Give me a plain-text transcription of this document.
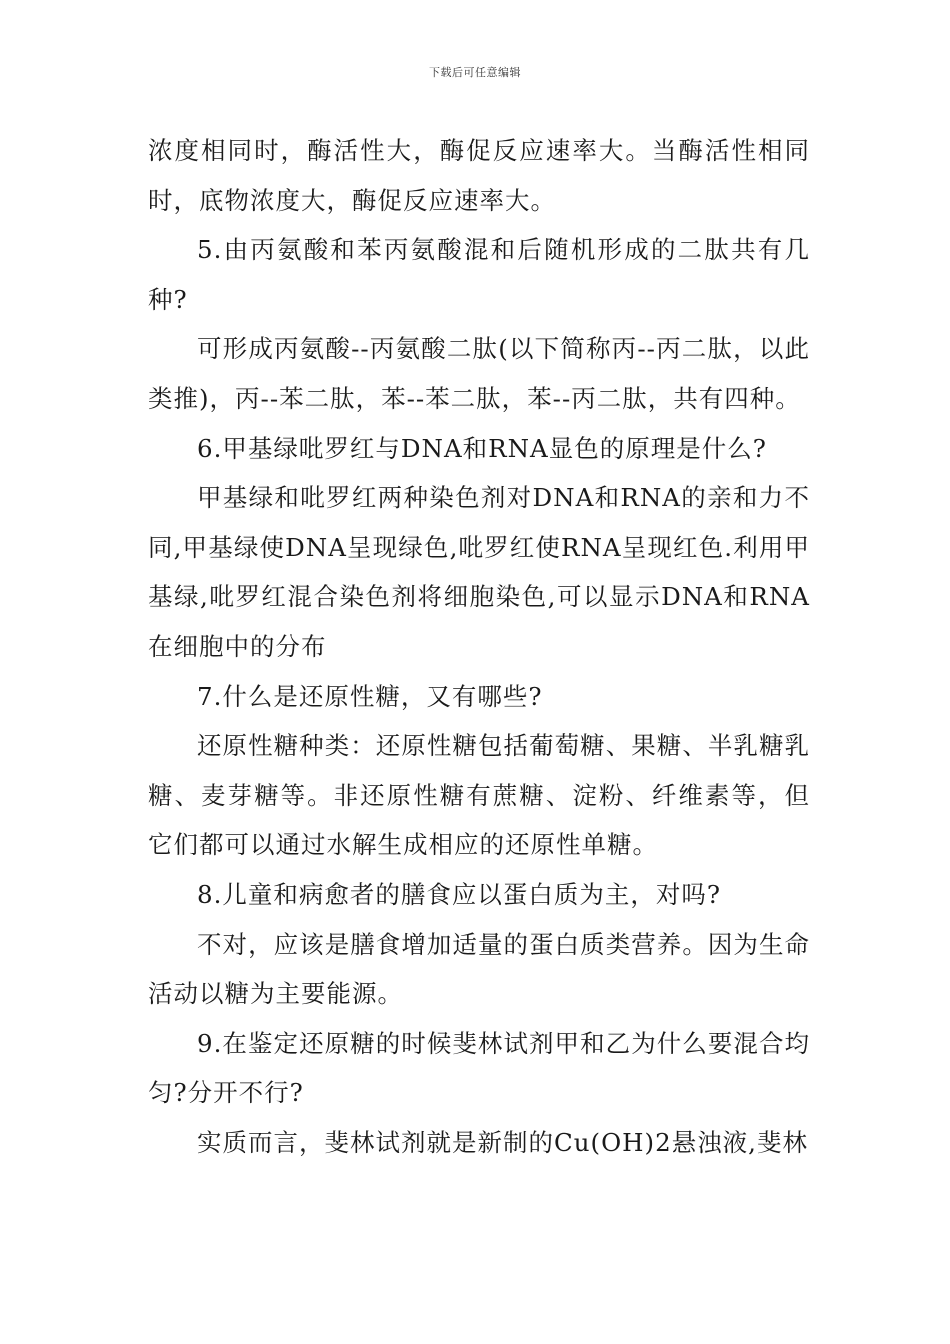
下载后可任意编辑

浓度相同时，酶活性大，酶促反应速率大。当酶活性相同时，底物浓度大，酶促反应速率大。

5.由丙氨酸和苯丙氨酸混和后随机形成的二肽共有几种?

可形成丙氨酸--丙氨酸二肽(以下简称丙--丙二肽，以此类推)，丙--苯二肽，苯--苯二肽，苯--丙二肽，共有四种。

6.甲基绿吡罗红与DNA和RNA显色的原理是什么?

甲基绿和吡罗红两种染色剂对DNA和RNA的亲和力不同,甲基绿使DNA呈现绿色,吡罗红使RNA呈现红色.利用甲基绿,吡罗红混合染色剂将细胞染色,可以显示DNA和RNA在细胞中的分布

7.什么是还原性糖，又有哪些?

还原性糖种类：还原性糖包括葡萄糖、果糖、半乳糖乳糖、麦芽糖等。非还原性糖有蔗糖、淀粉、纤维素等，但它们都可以通过水解生成相应的还原性单糖。

8.儿童和病愈者的膳食应以蛋白质为主，对吗?

不对，应该是膳食增加适量的蛋白质类营养。因为生命活动以糖为主要能源。

9.在鉴定还原糖的时候斐林试剂甲和乙为什么要混合均匀?分开不行?

实质而言，斐林试剂就是新制的Cu(OH)2悬浊液,斐林
